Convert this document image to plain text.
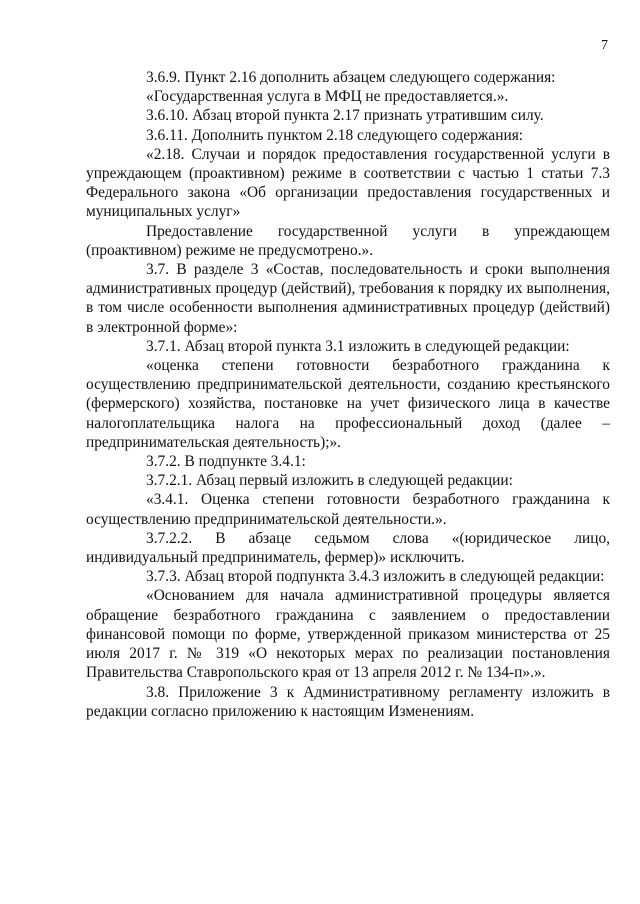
7

3.6.9. Пункт 2.16 дополнить абзацем следующего содержания:

«Государственная услуга в МФЦ не предоставляется.».

3.6.10. Абзац второй пункта 2.17 признать утратившим силу.

3.6.11. Дополнить пунктом 2.18 следующего содержания:

«2.18. Случаи и порядок предоставления государственной услуги в упреждающем (проактивном) режиме в соответствии с частью 1 статьи 7.3 Федерального закона «Об организации предоставления государственных и муниципальных услуг»

Предоставление государственной услуги в упреждающем (проактивном) режиме не предусмотрено.».

3.7. В разделе 3 «Состав, последовательность и сроки выполнения административных процедур (действий), требования к порядку их выполнения, в том числе особенности выполнения административных процедур (действий) в электронной форме»:

3.7.1. Абзац второй пункта 3.1 изложить в следующей редакции:

«оценка степени готовности безработного гражданина к осуществлению предпринимательской деятельности, созданию крестьянского (фермерского) хозяйства, постановке на учет физического лица в качестве налогоплательщика налога на профессиональный доход (далее – предпринимательская деятельность);».

3.7.2. В подпункте 3.4.1:

3.7.2.1. Абзац первый изложить в следующей редакции:

«3.4.1. Оценка степени готовности безработного гражданина к осуществлению предпринимательской деятельности.».

3.7.2.2. В абзаце седьмом слова «(юридическое лицо, индивидуальный предприниматель, фермер)» исключить.

3.7.3. Абзац второй подпункта 3.4.3 изложить в следующей редакции:

«Основанием для начала административной процедуры является обращение безработного гражданина с заявлением о предоставлении финансовой помощи по форме, утвержденной приказом министерства от 25 июля 2017 г. № 319 «О некоторых мерах по реализации постановления Правительства Ставропольского края от 13 апреля 2012 г. № 134-п».».

3.8. Приложение 3 к Административному регламенту изложить в редакции согласно приложению к настоящим Изменениям.
